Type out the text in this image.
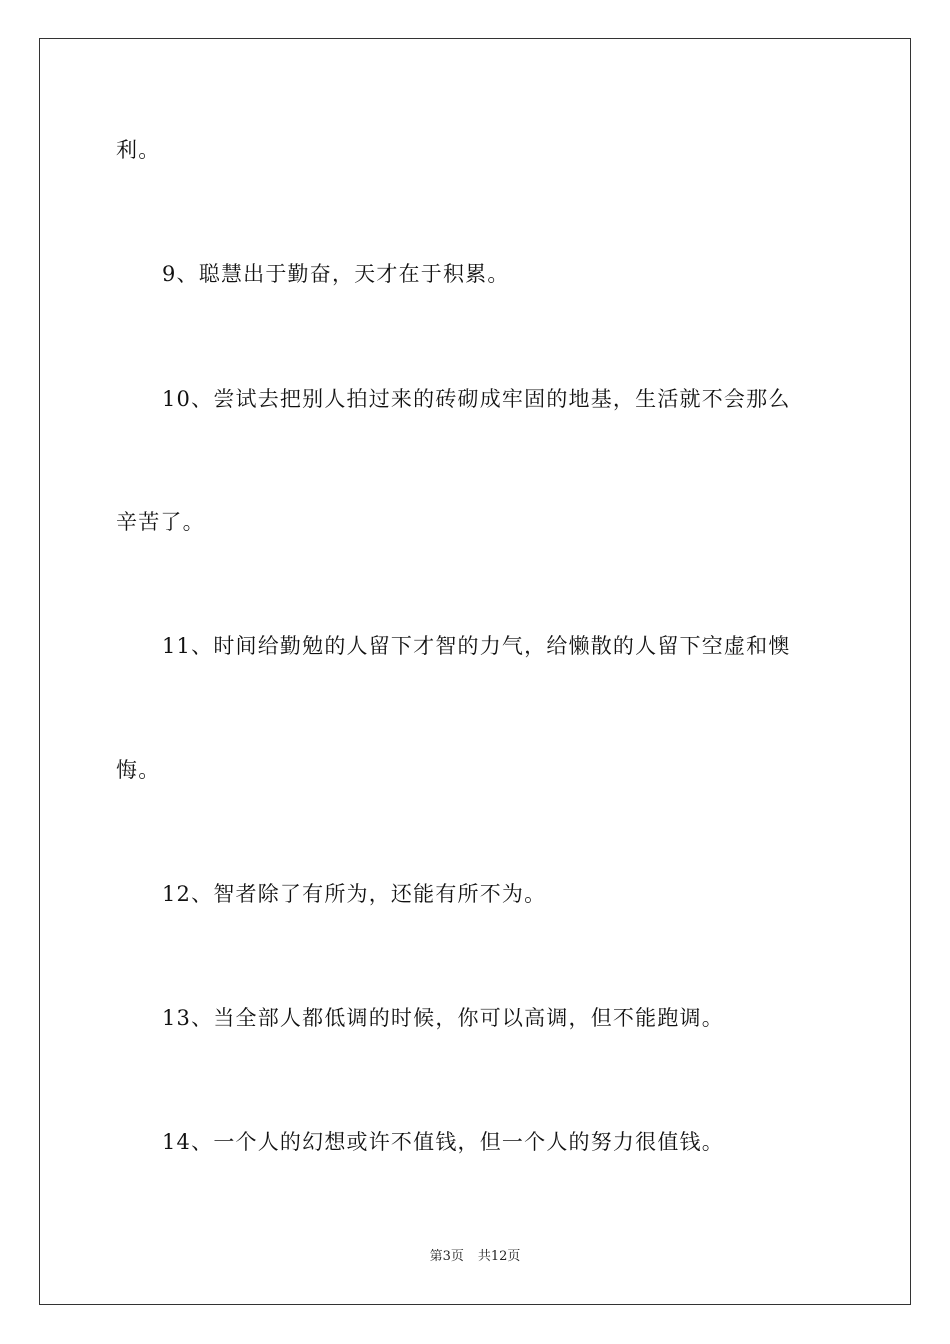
利。
9、聪慧出于勤奋，天才在于积累。
10、尝试去把别人拍过来的砖砌成牢固的地基，生活就不会那么
辛苦了。
11、时间给勤勉的人留下才智的力气，给懒散的人留下空虚和懊
悔。
12、智者除了有所为，还能有所不为。
13、当全部人都低调的时候，你可以高调，但不能跑调。
14、一个人的幻想或许不值钱，但一个人的努力很值钱。
第3页 共12页
